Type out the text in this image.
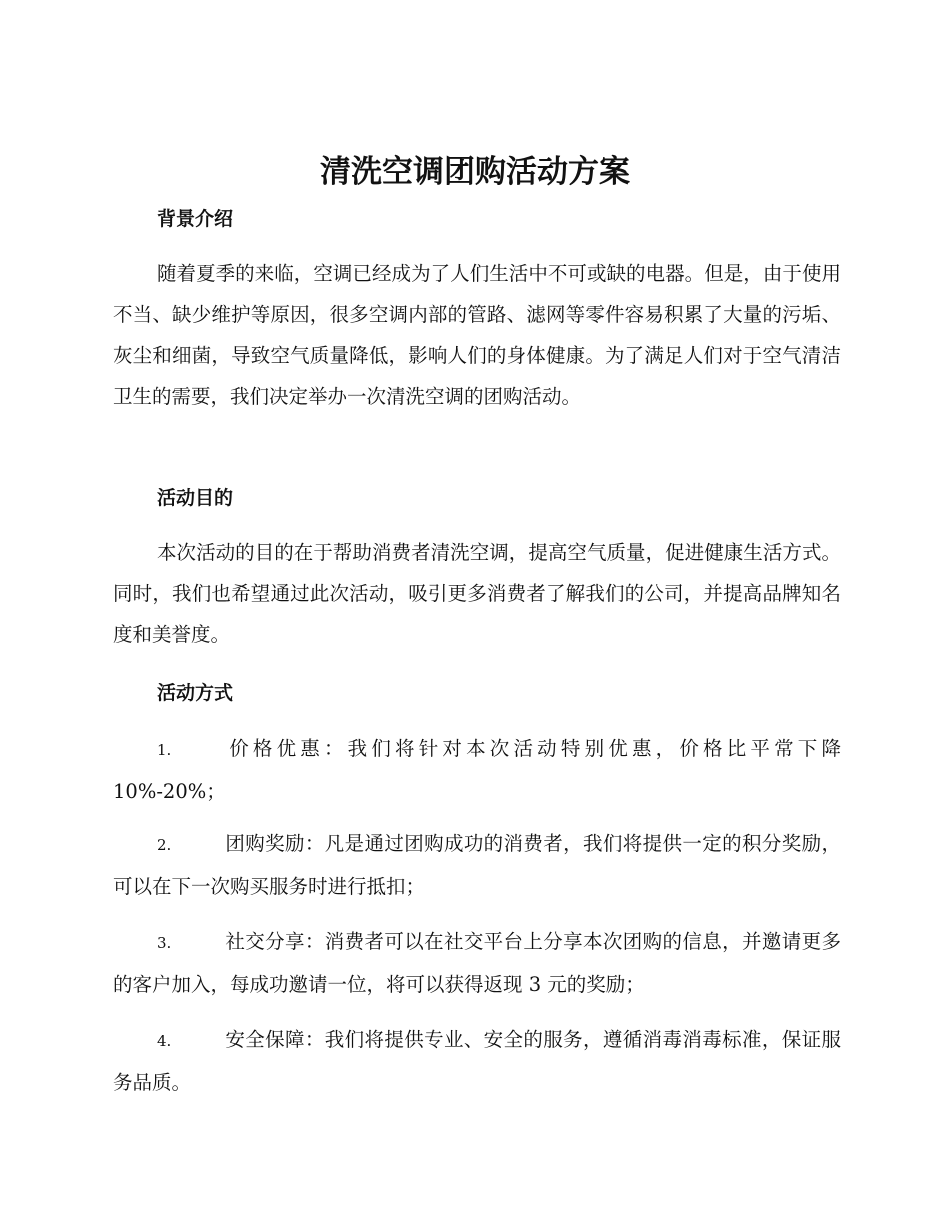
清洗空调团购活动方案
背景介绍

随着夏季的来临，空调已经成为了人们生活中不可或缺的电器。但是，由于使用不当、缺少维护等原因，很多空调内部的管路、滤网等零件容易积累了大量的污垢、灰尘和细菌，导致空气质量降低，影响人们的身体健康。为了满足人们对于空气清洁卫生的需要，我们决定举办一次清洗空调的团购活动。

活动目的

本次活动的目的在于帮助消费者清洗空调，提高空气质量，促进健康生活方式。同时，我们也希望通过此次活动，吸引更多消费者了解我们的公司，并提高品牌知名度和美誉度。

活动方式

1.	价格优惠：我们将针对本次活动特别优惠，价格比平常下降 10%-20%；

2.	团购奖励：凡是通过团购成功的消费者，我们将提供一定的积分奖励，可以在下一次购买服务时进行抵扣；

3.	社交分享：消费者可以在社交平台上分享本次团购的信息，并邀请更多的客户加入，每成功邀请一位，将可以获得返现 3 元的奖励；

4.	安全保障：我们将提供专业、安全的服务，遵循消毒消毒标准，保证服务品质。
